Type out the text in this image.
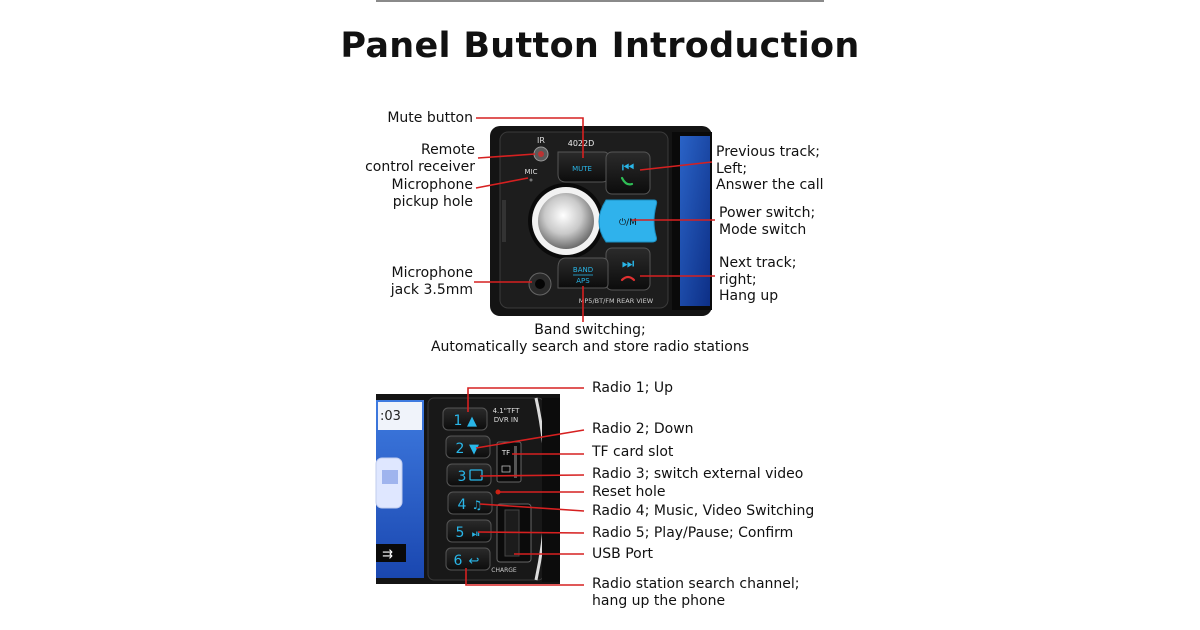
Panel Button Introduction
IR
MIC
4022D
MUTE ⏮
⏻/M
⏭
BAND
APS
MP5/BT/FM REAR VIEW
:03
⇉
4.1"TFT
DVR IN
1 ▲
2 ▼
3
4 ♫
5 ⏯
6 ↩
TF
CHARGE
Mute button
Remote
control receiver
Microphone
pickup hole
Microphone
jack 3.5mm
Previous track;
Left;
Answer the call
Power switch;
Mode switch
Next track;
right;
Hang up
Band switching;
Automatically search and store radio stations
Radio 1; Up
Radio 2; Down
TF card slot
Radio 3; switch external video
Reset hole
Radio 4; Music, Video Switching
Radio 5; Play/Pause; Confirm
USB Port
Radio station search channel;
hang up the phone
